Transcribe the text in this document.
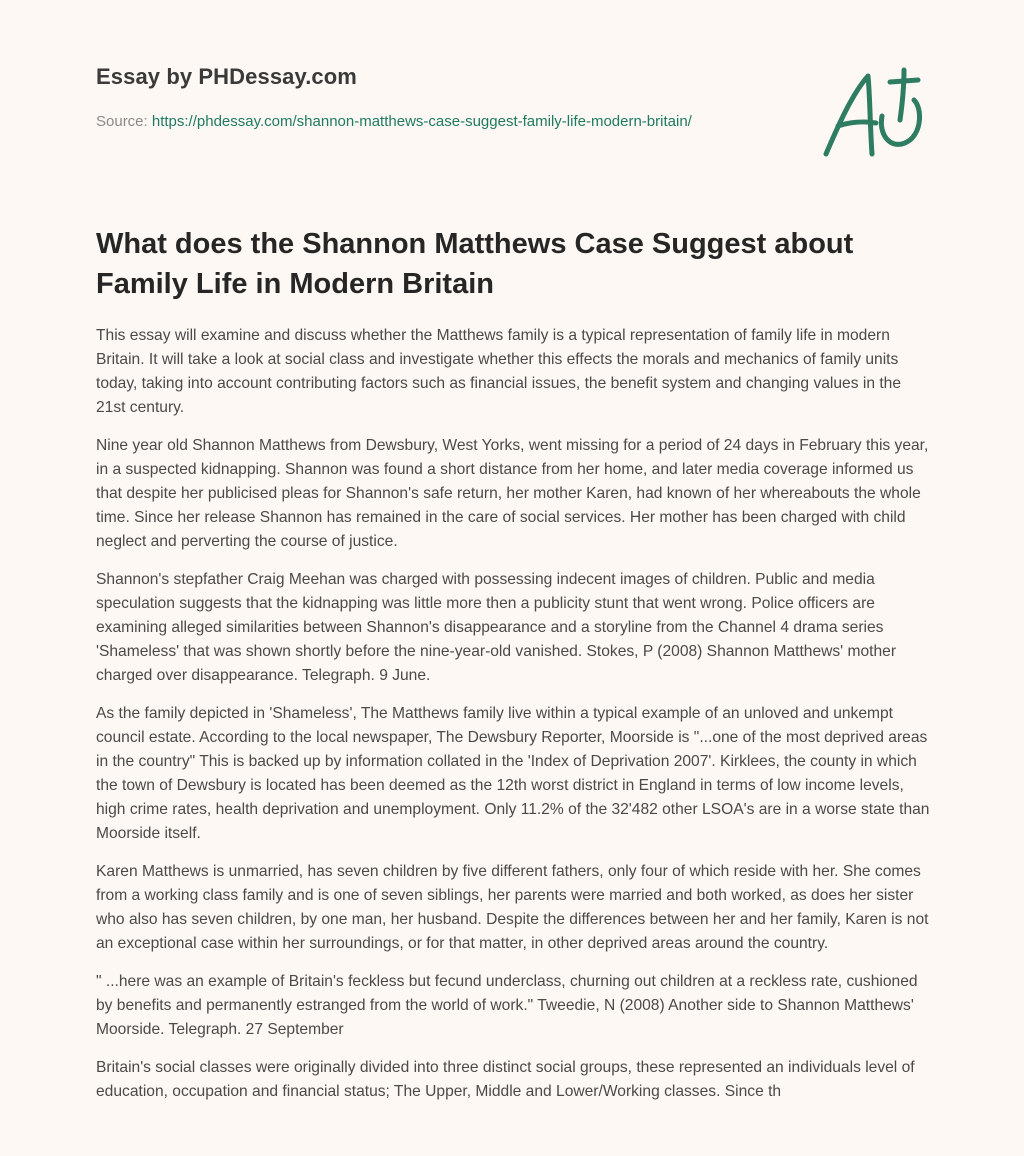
Essay by PHDessay.com
Source: https://phdessay.com/shannon-matthews-case-suggest-family-life-modern-britain/
What does the Shannon Matthews Case Suggest about Family Life in Modern Britain

This essay will examine and discuss whether the Matthews family is a typical representation of family life in modern Britain. It will take a look at social class and investigate whether this effects the morals and mechanics of family units today, taking into account contributing factors such as financial issues, the benefit system and changing values in the 21st century.

Nine year old Shannon Matthews from Dewsbury, West Yorks, went missing for a period of 24 days in February this year, in a suspected kidnapping. Shannon was found a short distance from her home, and later media coverage informed us that despite her publicised pleas for Shannon's safe return, her mother Karen, had known of her whereabouts the whole time. Since her release Shannon has remained in the care of social services. Her mother has been charged with child neglect and perverting the course of justice.

Shannon's stepfather Craig Meehan was charged with possessing indecent images of children. Public and media speculation suggests that the kidnapping was little more then a publicity stunt that went wrong. Police officers are examining alleged similarities between Shannon's disappearance and a storyline from the Channel 4 drama series 'Shameless' that was shown shortly before the nine-year-old vanished. Stokes, P (2008) Shannon Matthews' mother charged over disappearance. Telegraph. 9 June.

As the family depicted in 'Shameless', The Matthews family live within a typical example of an unloved and unkempt council estate. According to the local newspaper, The Dewsbury Reporter, Moorside is "...one of the most deprived areas in the country" This is backed up by information collated in the 'Index of Deprivation 2007'. Kirklees, the county in which the town of Dewsbury is located has been deemed as the 12th worst district in England in terms of low income levels, high crime rates, health deprivation and unemployment. Only 11.2% of the 32'482 other LSOA's are in a worse state than Moorside itself.

Karen Matthews is unmarried, has seven children by five different fathers, only four of which reside with her. She comes from a working class family and is one of seven siblings, her parents were married and both worked, as does her sister who also has seven children, by one man, her husband. Despite the differences between her and her family, Karen is not an exceptional case within her surroundings, or for that matter, in other deprived areas around the country.

" ...here was an example of Britain's feckless but fecund underclass, churning out children at a reckless rate, cushioned by benefits and permanently estranged from the world of work." Tweedie, N (2008) Another side to Shannon Matthews' Moorside. Telegraph. 27 September

Britain's social classes were originally divided into three distinct social groups, these represented an individuals level of education, occupation and financial status; The Upper, Middle and Lower/Working classes. Since th
